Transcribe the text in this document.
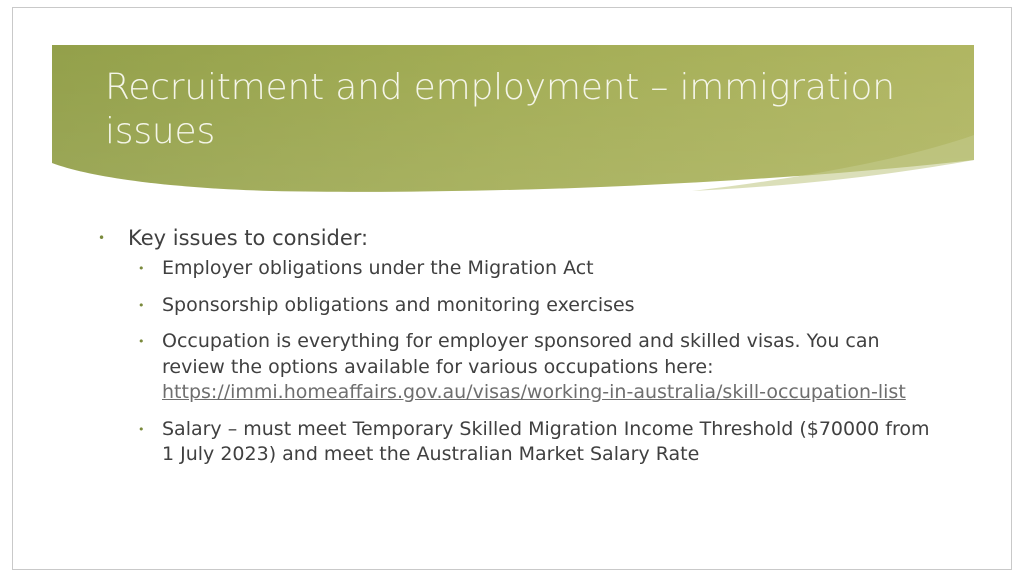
Recruitment and employment – immigration issues
•	Key issues to consider:
• Employer obligations under the Migration Act
• Sponsorship obligations and monitoring exercises
• Occupation is everything for employer sponsored and skilled visas. You can review the options available for various occupations here: https://immi.homeaffairs.gov.au/visas/working-in-australia/skill-occupation-list
• Salary – must meet Temporary Skilled Migration Income Threshold ($70000 from 1 July 2023) and meet the Australian Market Salary Rate
